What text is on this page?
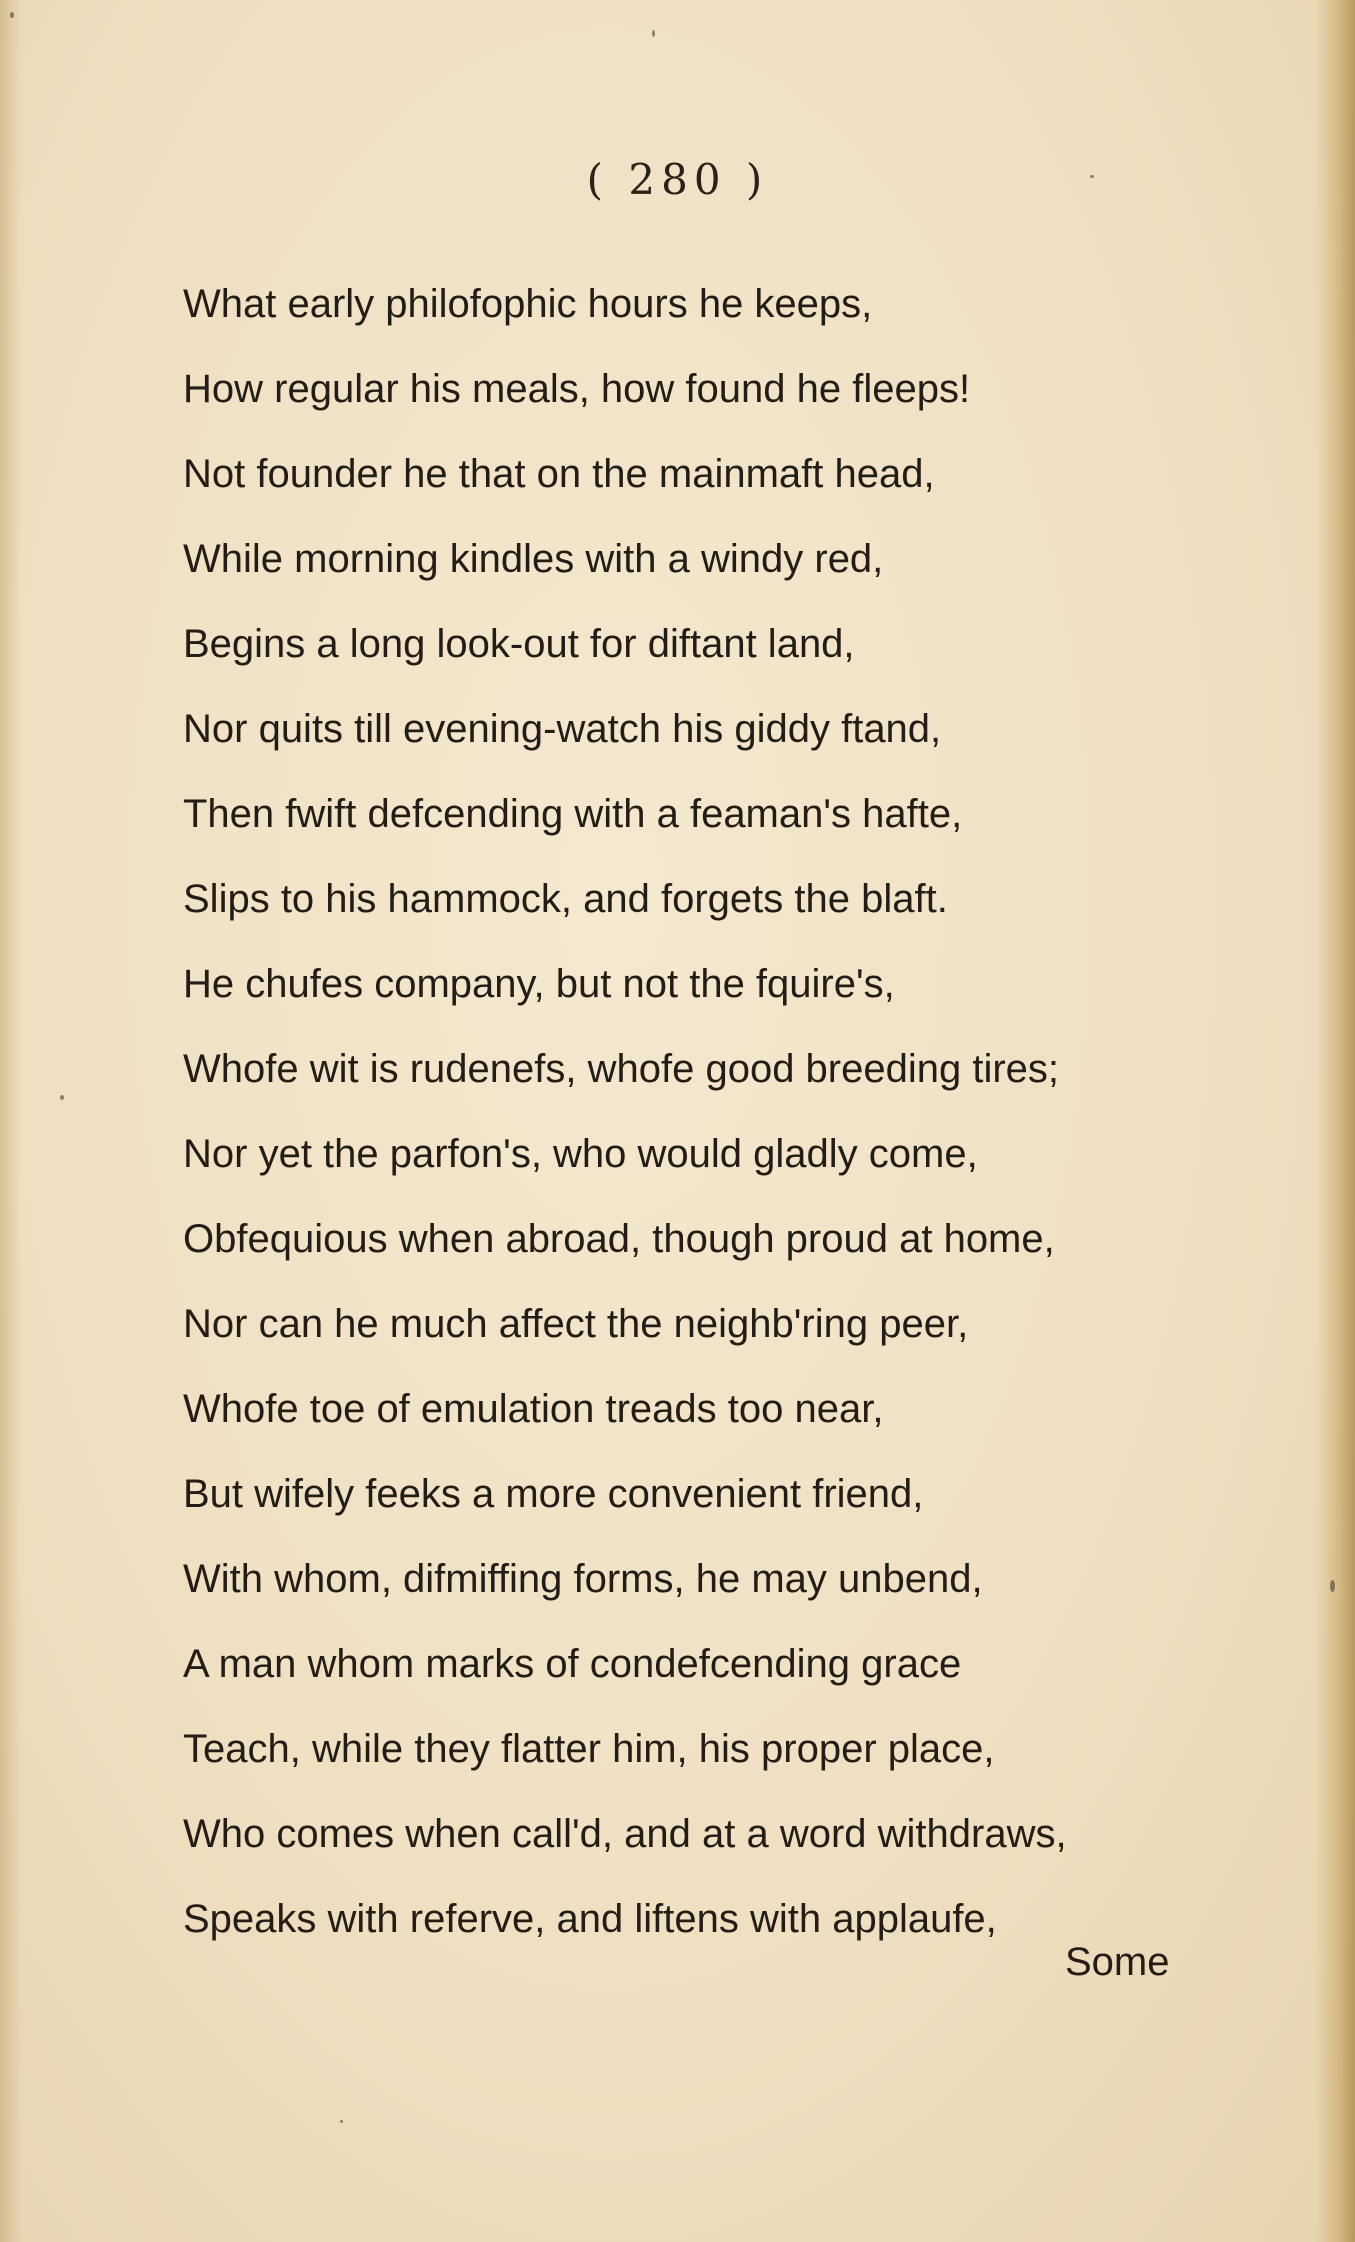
( 280 )
What early philofophic hours he keeps,
How regular his meals, how found he fleeps!
Not founder he that on the mainmaft head,
While morning kindles with a windy red,
Begins a long look-out for diftant land,
Nor quits till evening-watch his giddy ftand,
Then fwift defcending with a feaman's hafte,
Slips to his hammock, and forgets the blaft.
He chufes company, but not the fquire's,
Whofe wit is rudenefs, whofe good breeding tires;
Nor yet the parfon's, who would gladly come,
Obfequious when abroad, though proud at home,
Nor can he much affect the neighb'ring peer,
Whofe toe of emulation treads too near,
But wifely feeks a more convenient friend,
With whom, difmiffing forms, he may unbend,
A man whom marks of condefcending grace
Teach, while they flatter him, his proper place,
Who comes when call'd, and at a word withdraws,
Speaks with referve, and liftens with applaufe,
Some
